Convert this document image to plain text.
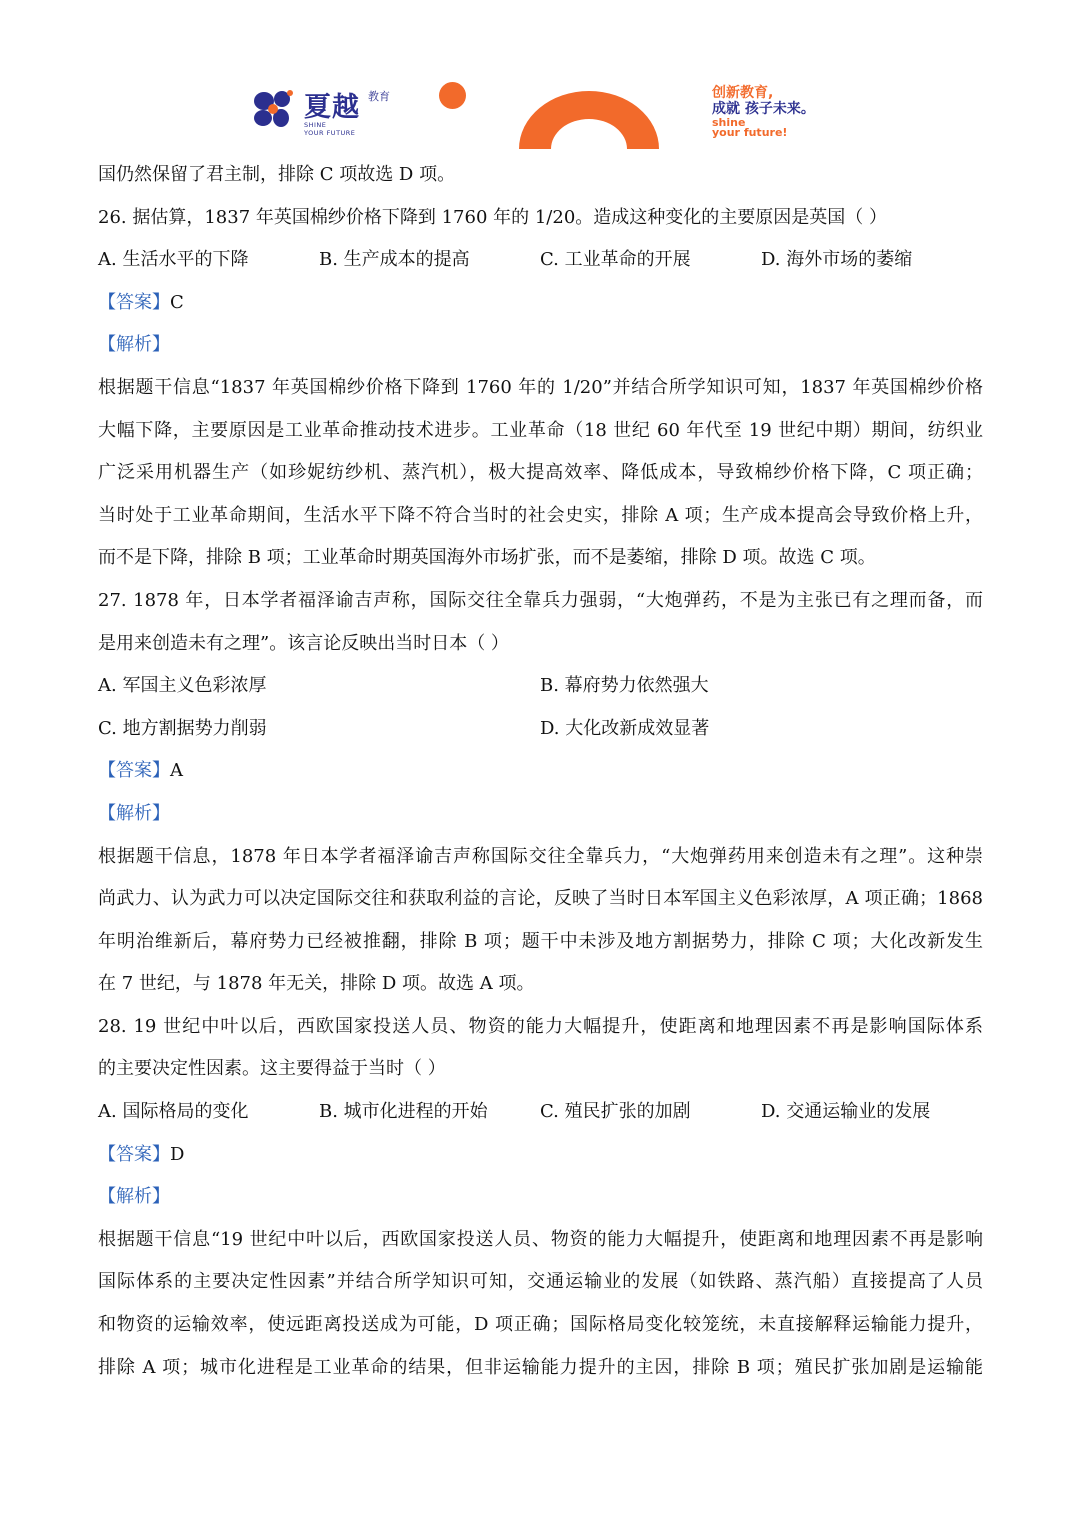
夏越 教育
SHINE
YOUR FUTURE
创新教育,
成就 孩子未来。
shine
your future!
国仍然保留了君主制，排除 C 项故选 D 项。
26. 据估算，1837 年英国棉纱价格下降到 1760 年的 1/20。造成这种变化的主要原因是英国（ ）
A. 生活水平的下降	B. 生产成本的提高	C. 工业革命的开展	D. 海外市场的萎缩
【答案】C
【解析】
根据题干信息“1837 年英国棉纱价格下降到 1760 年的 1/20”并结合所学知识可知，1837 年英国棉纱价格
大幅下降，主要原因是工业革命推动技术进步。工业革命（18 世纪 60 年代至 19 世纪中期）期间，纺织业
广泛采用机器生产（如珍妮纺纱机、蒸汽机），极大提高效率、降低成本，导致棉纱价格下降，C 项正确；
当时处于工业革命期间，生活水平下降不符合当时的社会史实，排除 A 项；生产成本提高会导致价格上升，
而不是下降，排除 B 项；工业革命时期英国海外市场扩张，而不是萎缩，排除 D 项。故选 C 项。
27. 1878 年，日本学者福泽谕吉声称，国际交往全靠兵力强弱，“大炮弹药，不是为主张已有之理而备，而
是用来创造未有之理”。该言论反映出当时日本（ ）
A. 军国主义色彩浓厚	B. 幕府势力依然强大
C. 地方割据势力削弱	D. 大化改新成效显著
【答案】A
【解析】
根据题干信息，1878 年日本学者福泽谕吉声称国际交往全靠兵力，“大炮弹药用来创造未有之理”。这种崇
尚武力、认为武力可以决定国际交往和获取利益的言论，反映了当时日本军国主义色彩浓厚，A 项正确；1868
年明治维新后，幕府势力已经被推翻，排除 B 项；题干中未涉及地方割据势力，排除 C 项；大化改新发生
在 7 世纪，与 1878 年无关，排除 D 项。故选 A 项。
28. 19 世纪中叶以后，西欧国家投送人员、物资的能力大幅提升，使距离和地理因素不再是影响国际体系
的主要决定性因素。这主要得益于当时（ ）
A. 国际格局的变化	B. 城市化进程的开始	C. 殖民扩张的加剧	D. 交通运输业的发展
【答案】D
【解析】
根据题干信息“19 世纪中叶以后，西欧国家投送人员、物资的能力大幅提升，使距离和地理因素不再是影响
国际体系的主要决定性因素”并结合所学知识可知，交通运输业的发展（如铁路、蒸汽船）直接提高了人员
和物资的运输效率，使远距离投送成为可能，D 项正确；国际格局变化较笼统，未直接解释运输能力提升，
排除 A 项；城市化进程是工业革命的结果，但非运输能力提升的主因，排除 B 项；殖民扩张加剧是运输能
